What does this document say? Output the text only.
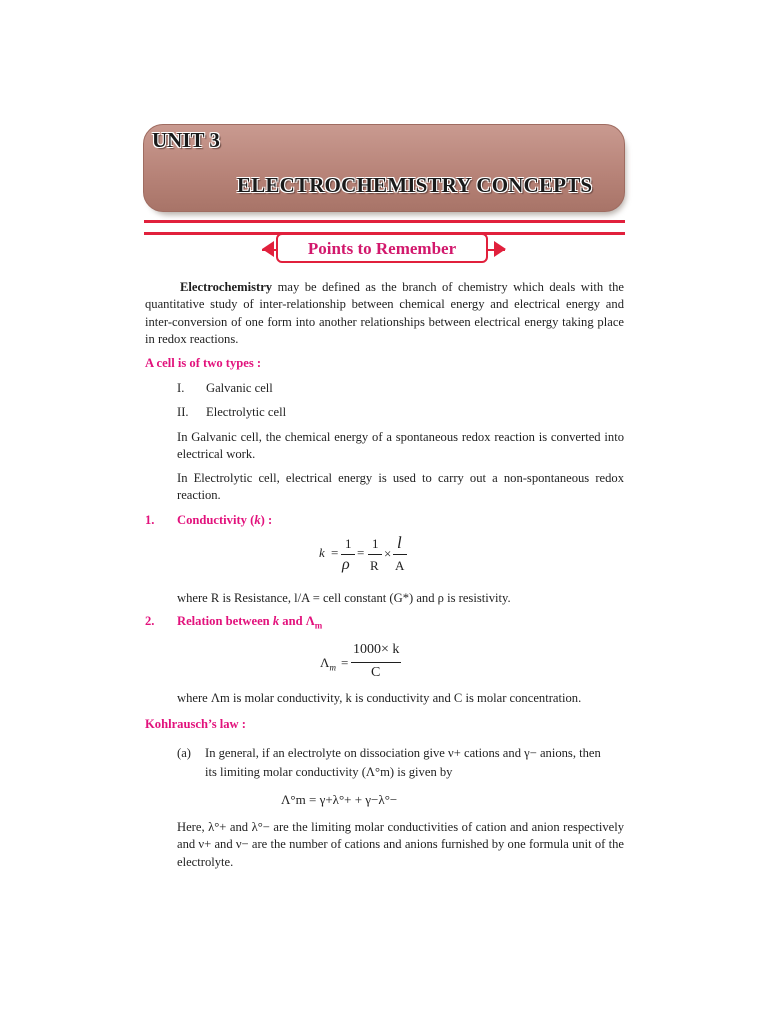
UNIT 3
ELECTROCHEMISTRY CONCEPTS
Points to Remember
Electrochemistry may be defined as the branch of chemistry which deals with the quantitative study of inter-relationship between chemical energy and electrical energy and inter-conversion of one form into another relationships between electrical energy taking place in redox reactions.
A cell is of two types :
I. Galvanic cell
II. Electrolytic cell
In Galvanic cell, the chemical energy of a spontaneous redox reaction is converted into electrical work.
In Electrolytic cell, electrical energy is used to carry out a non-spontaneous redox reaction.
1. Conductivity (k) :
k =
1
ρ
=
1
R
×
l
A
where R is Resistance, l/A = cell constant (G*) and ρ is resistivity.
2. Relation between k and $\Lambda_m$
$\Lambda_m$ =
1000× k
C
where Λm is molar conductivity, k is conductivity and C is molar concentration.
Kohlrausch’s law :
(a) In general, if an electrolyte on dissociation give ν+ cations and γ− anions, then
its limiting molar conductivity (Λ°m) is given by
Λ°m = γ+λ°+ + γ−λ°−
Here, λ°+ and λ°− are the limiting molar conductivities of cation and anion respectively and ν+ and ν− are the number of cations and anions furnished by one formula unit of the electrolyte.
